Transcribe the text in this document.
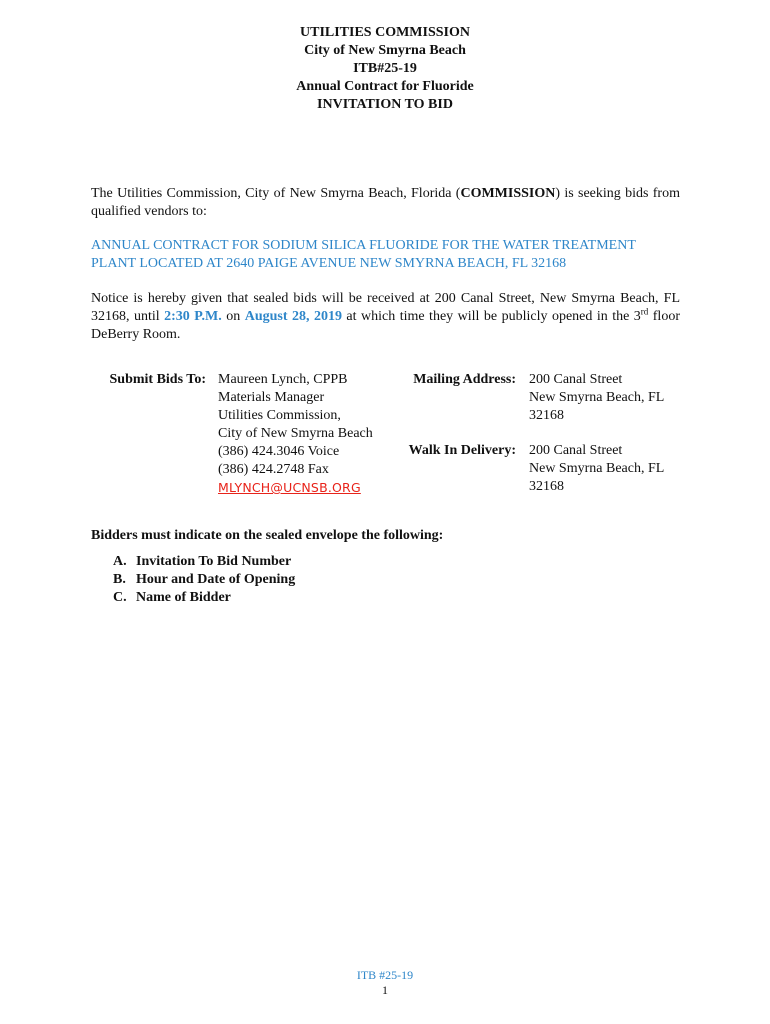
UTILITIES COMMISSION
City of New Smyrna Beach
ITB#25-19
Annual Contract for Fluoride
INVITATION TO BID
The Utilities Commission, City of New Smyrna Beach, Florida (COMMISSION) is seeking bids from qualified vendors to:
ANNUAL CONTRACT FOR SODIUM SILICA FLUORIDE FOR THE WATER TREATMENT PLANT LOCATED AT 2640 PAIGE AVENUE NEW SMYRNA BEACH, FL 32168
Notice is hereby given that sealed bids will be received at 200 Canal Street, New Smyrna Beach, FL 32168, until 2:30 P.M. on August 28, 2019 at which time they will be publicly opened in the 3rd floor DeBerry Room.
Submit Bids To: Maureen Lynch, CPPB
Materials Manager
Utilities Commission,
City of New Smyrna Beach
(386) 424.3046 Voice
(386) 424.2748 Fax
MLYNCH@UCNSB.ORG
Mailing Address: 200 Canal Street
New Smyrna Beach, FL
32168
Walk In Delivery: 200 Canal Street
New Smyrna Beach, FL
32168
Bidders must indicate on the sealed envelope the following:
A. Invitation To Bid Number
B. Hour and Date of Opening
C. Name of Bidder
ITB #25-19
1
